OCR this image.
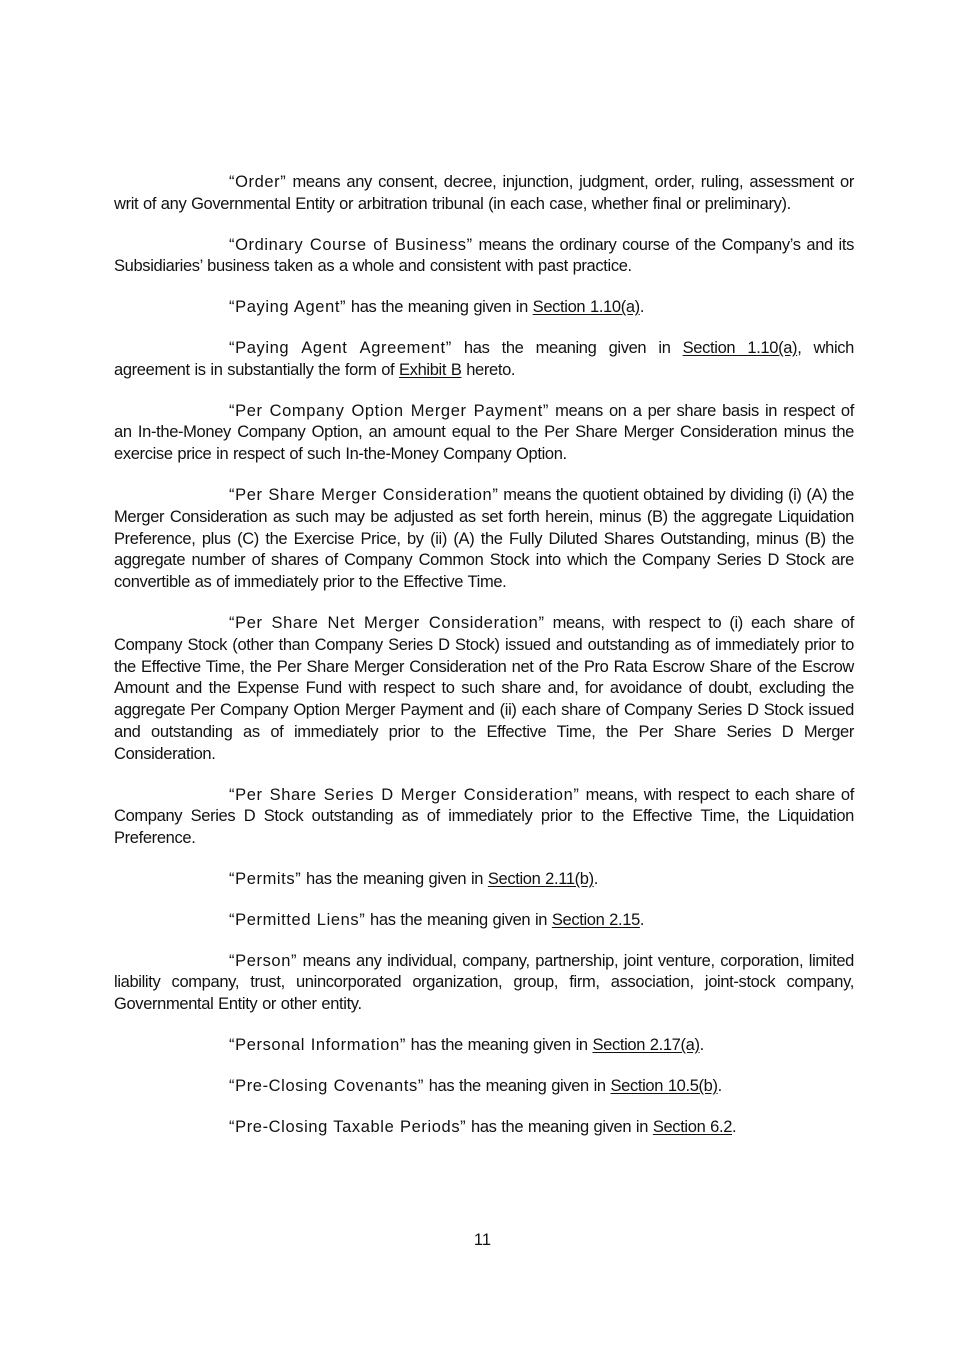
“Order” means any consent, decree, injunction, judgment, order, ruling, assessment or writ of any Governmental Entity or arbitration tribunal (in each case, whether final or preliminary).

“Ordinary Course of Business” means the ordinary course of the Company’s and its Subsidiaries’ business taken as a whole and consistent with past practice.

“Paying Agent” has the meaning given in Section 1.10(a).

“Paying Agent Agreement” has the meaning given in Section 1.10(a), which agreement is in substantially the form of Exhibit B hereto.

“Per Company Option Merger Payment” means on a per share basis in respect of an In-the-Money Company Option, an amount equal to the Per Share Merger Consideration minus the exercise price in respect of such In-the-Money Company Option.

“Per Share Merger Consideration” means the quotient obtained by dividing (i) (A) the Merger Consideration as such may be adjusted as set forth herein, minus (B) the aggregate Liquidation Preference, plus (C) the Exercise Price, by (ii) (A) the Fully Diluted Shares Outstanding, minus (B) the aggregate number of shares of Company Common Stock into which the Company Series D Stock are convertible as of immediately prior to the Effective Time.

“Per Share Net Merger Consideration” means, with respect to (i) each share of Company Stock (other than Company Series D Stock) issued and outstanding as of immediately prior to the Effective Time, the Per Share Merger Consideration net of the Pro Rata Escrow Share of the Escrow Amount and the Expense Fund with respect to such share and, for avoidance of doubt, excluding the aggregate Per Company Option Merger Payment and (ii) each share of Company Series D Stock issued and outstanding as of immediately prior to the Effective Time, the Per Share Series D Merger Consideration.

“Per Share Series D Merger Consideration” means, with respect to each share of Company Series D Stock outstanding as of immediately prior to the Effective Time, the Liquidation Preference.

“Permits” has the meaning given in Section 2.11(b).

“Permitted Liens” has the meaning given in Section 2.15.

“Person” means any individual, company, partnership, joint venture, corporation, limited liability company, trust, unincorporated organization, group, firm, association, joint-stock company, Governmental Entity or other entity.

“Personal Information” has the meaning given in Section 2.17(a).

“Pre-Closing Covenants” has the meaning given in Section 10.5(b).

“Pre-Closing Taxable Periods” has the meaning given in Section 6.2.

11
